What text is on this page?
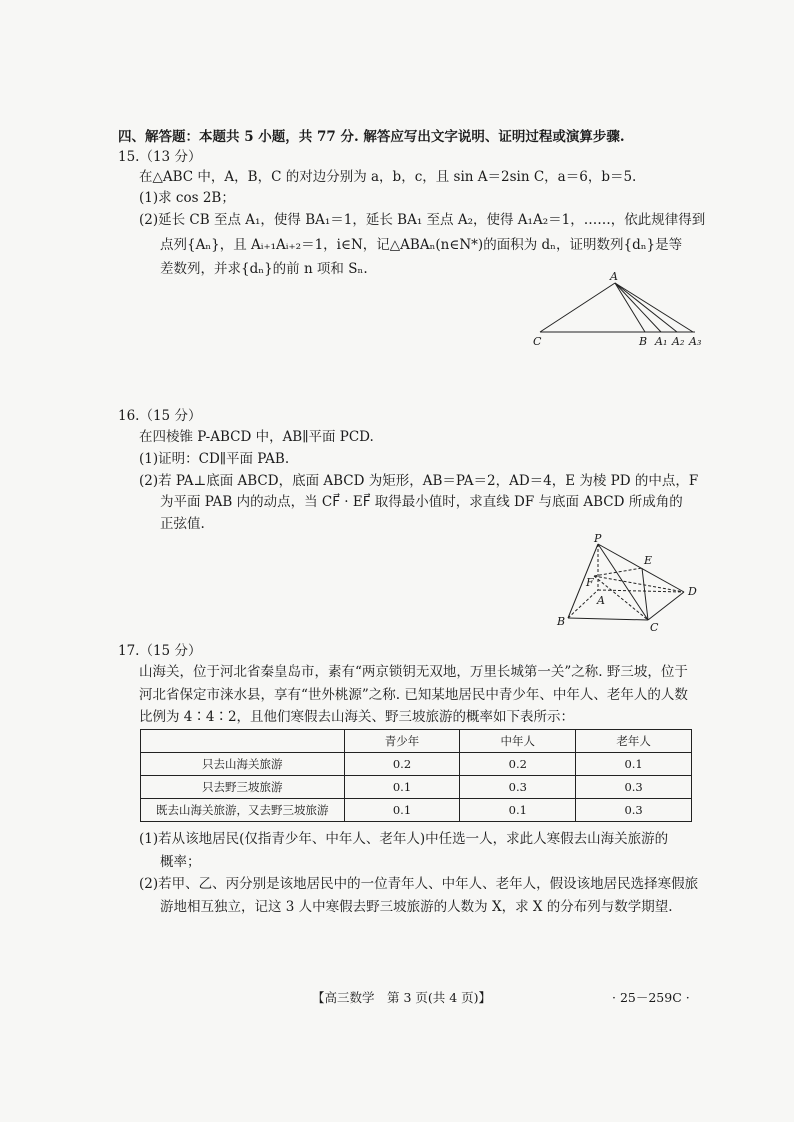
四、解答题：本题共 5 小题，共 77 分. 解答应写出文字说明、证明过程或演算步骤.
15.（13 分）
在△ABC 中，A，B，C 的对边分别为 a，b，c，且 sin A＝2sin C，a＝6，b＝5.
(1)求 cos 2B；
(2)延长 CB 至点 A₁，使得 BA₁＝1，延长 BA₁ 至点 A₂，使得 A₁A₂＝1，……，依此规律得到
点列{Aₙ}，且 Aᵢ₊₁Aᵢ₊₂＝1，i∈N，记△ABAₙ(n∈N*)的面积为 dₙ，证明数列{dₙ}是等
差数列，并求{dₙ}的前 n 项和 Sₙ.	A
C	B A₁ A₂ A₃
16.（15 分）
在四棱锥 P-ABCD 中，AB∥平面 PCD.
(1)证明：CD∥平面 PAB.
(2)若 PA⊥底面 ABCD，底面 ABCD 为矩形，AB＝PA＝2，AD＝4，E 为棱 PD 的中点，F
为平面 PAB 内的动点，当 CF⃗ · EF⃗ 取得最小值时，求直线 DF 与底面 ABCD 所成角的
正弦值.
P
E
F
A
D
B	C
17.（15 分）
山海关，位于河北省秦皇岛市，素有“两京锁钥无双地，万里长城第一关”之称. 野三坡，位于
河北省保定市涞水县，享有“世外桃源”之称. 已知某地居民中青少年、中年人、老年人的人数
比例为 4∶4∶2，且他们寒假去山海关、野三坡旅游的概率如下表所示：
	青少年	中年人	老年人
只去山海关旅游	0.2	0.2	0.1
只去野三坡旅游	0.1	0.3	0.3
既去山海关旅游，又去野三坡旅游	0.1	0.1	0.3
(1)若从该地居民(仅指青少年、中年人、老年人)中任选一人，求此人寒假去山海关旅游的
概率；
(2)若甲、乙、丙分别是该地居民中的一位青年人、中年人、老年人，假设该地居民选择寒假旅
游地相互独立，记这 3 人中寒假去野三坡旅游的人数为 X，求 X 的分布列与数学期望.
【高三数学　第 3 页(共 4 页)】	· 25－259C ·
